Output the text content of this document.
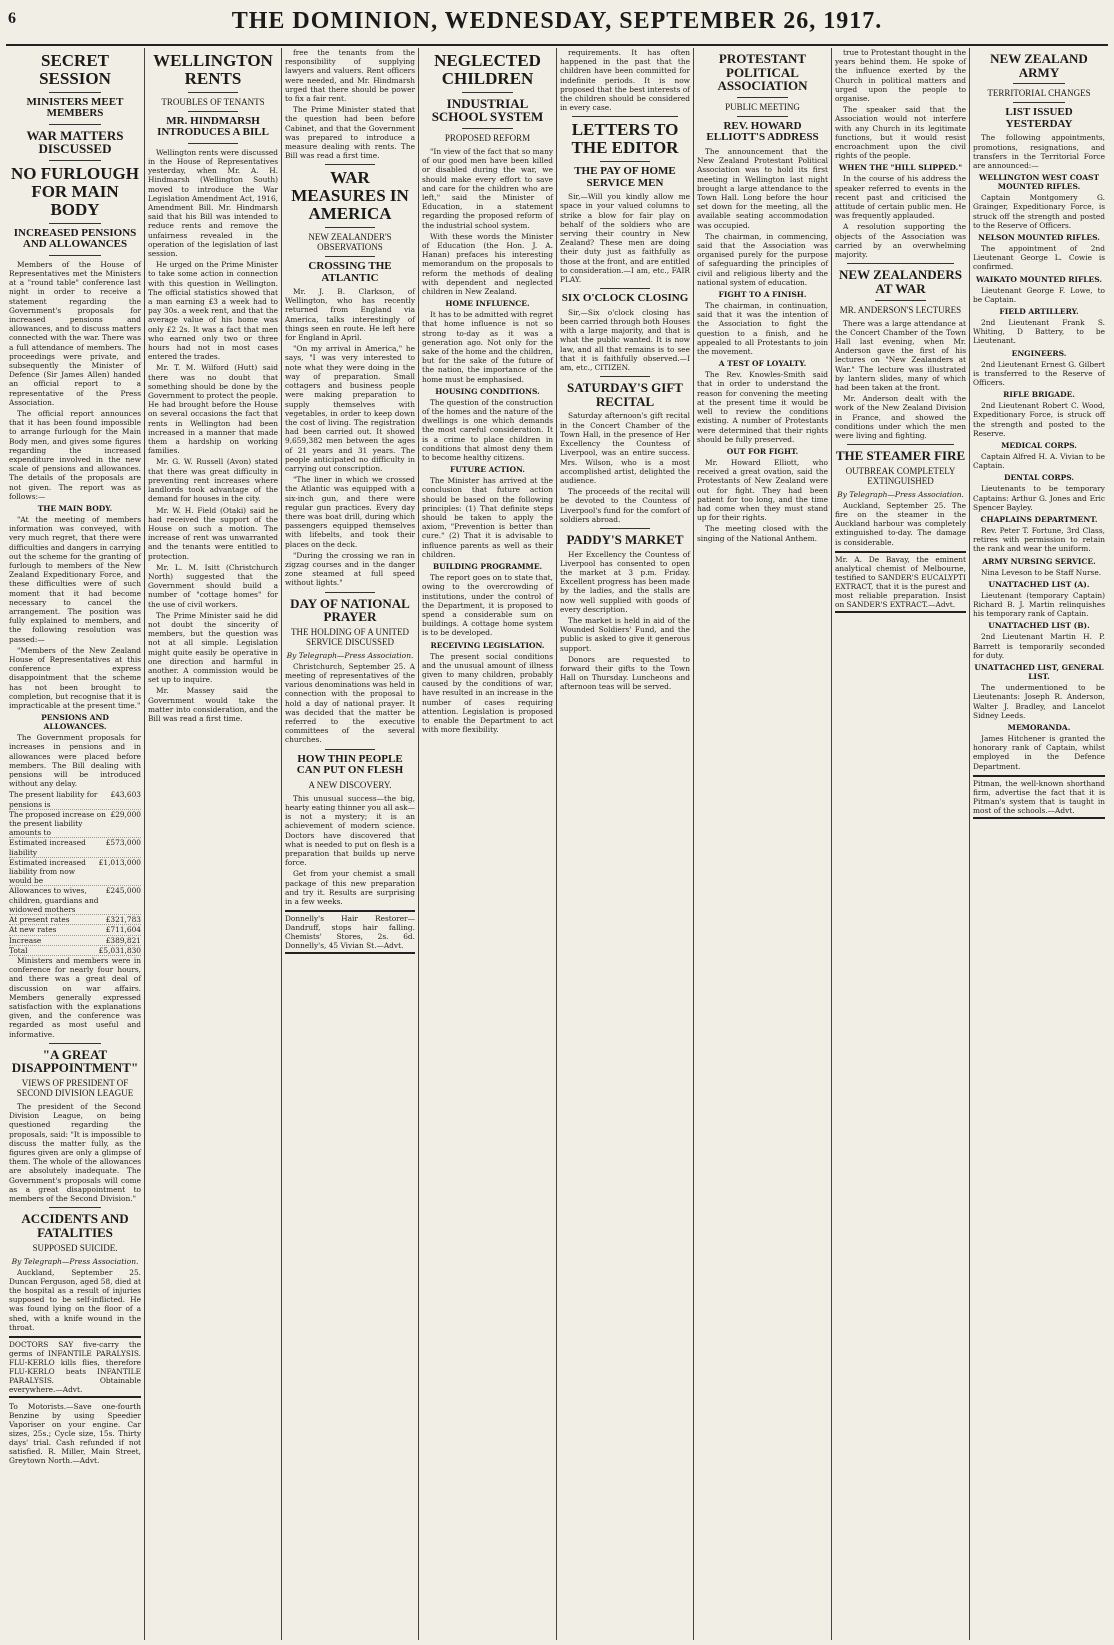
6	THE DOMINION, WEDNESDAY, SEPTEMBER 26, 1917.
SECRET SESSION
MINISTERS MEET MEMBERS
WAR MATTERS DISCUSSED
NO FURLOUGH FOR MAIN BODY
INCREASED PENSIONS AND ALLOWANCES

Members of the House of Representatives met the Ministers at a "round table" conference last night in order to receive a statement regarding the Government's proposals for increased pensions and allowances, and to discuss matters connected with the war. There was a full attendance of members. The proceedings were private, and subsequently the Minister of Defence (Sir James Allen) handed an official report to a representative of the Press Association.

The official report announces that it has been found impossible to arrange furlough for the Main Body men, and gives some figures regarding the increased expenditure involved in the new scale of pensions and allowances. The details of the proposals are not given. The report was as follows:—

THE MAIN BODY.

"At the meeting of members information was conveyed, with very much regret, that there were difficulties and dangers in carrying out the scheme for the granting of furlough to members of the New Zealand Expeditionary Force, and these difficulties were of such moment that it had become necessary to cancel the arrangement. The position was fully explained to members, and the following resolution was passed:—

"Members of the New Zealand House of Representatives at this conference express disappointment that the scheme has not been brought to completion, but recognise that it is impracticable at the present time."

PENSIONS AND ALLOWANCES.

The Government proposals for increases in pensions and in allowances were placed before members. The Bill dealing with pensions will be introduced without any delay.

The present liability for pensions is
£43,603
The proposed increase on the present liability amounts to
£29,000
Estimated increased liability
£573,000
Estimated increased liability from now would be
£1,013,000
Allowances to wives, children, guardians and widowed mothers
£245,000
At present rates	£321,783
At new rates	£711,604
Increase	£389,821
Total	£5,031,830

Ministers and members were in conference for nearly four hours, and there was a great deal of discussion on war affairs. Members generally expressed satisfaction with the explanations given, and the conference was regarded as most useful and informative.

"A GREAT DISAPPOINTMENT"
VIEWS OF PRESIDENT OF SECOND DIVISION LEAGUE

The president of the Second Division League, on being questioned regarding the proposals, said: "It is impossible to discuss the matter fully, as the figures given are only a glimpse of them. The whole of the allowances are absolutely inadequate. The Government's proposals will come as a great disappointment to members of the Second Division."

ACCIDENTS AND FATALITIES
SUPPOSED SUICIDE.
By Telegraph—Press Association.

Auckland, September 25. Duncan Ferguson, aged 58, died at the hospital as a result of injuries supposed to be self-inflicted. He was found lying on the floor of a shed, with a knife wound in the throat.

DOCTORS SAY five-carry the germs of INFANTILE PARALYSIS. FLU-KERLO kills flies, therefore FLU-KERLO beats INFANTILE PARALYSIS. Obtainable everywhere.—Advt.
To Motorists.—Save one-fourth Benzine by using Speedier Vaporiser on your engine. Car sizes, 25s.; Cycle size, 15s. Thirty days' trial. Cash refunded if not satisfied. R. Miller, Main Street, Greytown North.—Advt.
WELLINGTON RENTS
TROUBLES OF TENANTS
MR. HINDMARSH INTRODUCES A BILL

Wellington rents were discussed in the House of Representatives yesterday, when Mr. A. H. Hindmarsh (Wellington South) moved to introduce the War Legislation Amendment Act, 1916, Amendment Bill. Mr. Hindmarsh said that his Bill was intended to reduce rents and remove the unfairness revealed in the operation of the legislation of last session.

He urged on the Prime Minister to take some action in connection with this question in Wellington. The official statistics showed that a man earning £3 a week had to pay 30s. a week rent, and that the average value of his home was only £2 2s. It was a fact that men who earned only two or three hours had not in most cases entered the trades.

Mr. T. M. Wilford (Hutt) said there was no doubt that something should be done by the Government to protect the people. He had brought before the House on several occasions the fact that rents in Wellington had been increased in a manner that made them a hardship on working families.

Mr. G. W. Russell (Avon) stated that there was great difficulty in preventing rent increases where landlords took advantage of the demand for houses in the city.

Mr. W. H. Field (Otaki) said he had received the support of the House on such a motion. The increase of rent was unwarranted and the tenants were entitled to protection.

Mr. L. M. Isitt (Christchurch North) suggested that the Government should build a number of "cottage homes" for the use of civil workers.

The Prime Minister said he did not doubt the sincerity of members, but the question was not at all simple. Legislation might quite easily be operative in one direction and harmful in another. A commission would be set up to inquire.

Mr. Massey said the Government would take the matter into consideration, and the Bill was read a first time.

free the tenants from the responsibility of supplying lawyers and valuers. Rent officers were needed, and Mr. Hindmarsh urged that there should be power to fix a fair rent.

The Prime Minister stated that the question had been before Cabinet, and that the Government was prepared to introduce a measure dealing with rents. The Bill was read a first time.

WAR MEASURES IN AMERICA
NEW ZEALANDER'S OBSERVATIONS
CROSSING THE ATLANTIC

Mr. J. B. Clarkson, of Wellington, who has recently returned from England via America, talks interestingly of things seen en route. He left here for England in April.

"On my arrival in America," he says, "I was very interested to note what they were doing in the way of preparation. Small cottagers and business people were making preparation to supply themselves with vegetables, in order to keep down the cost of living. The registration had been carried out. It showed 9,659,382 men between the ages of 21 years and 31 years. The people anticipated no difficulty in carrying out conscription.

"The liner in which we crossed the Atlantic was equipped with a six-inch gun, and there were regular gun practices. Every day there was boat drill, during which passengers equipped themselves with lifebelts, and took their places on the deck.

"During the crossing we ran in zigzag courses and in the danger zone steamed at full speed without lights."

DAY OF NATIONAL PRAYER
THE HOLDING OF A UNITED SERVICE DISCUSSED
By Telegraph—Press Association.

Christchurch, September 25. A meeting of representatives of the various denominations was held in connection with the proposal to hold a day of national prayer. It was decided that the matter be referred to the executive committees of the several churches.

HOW THIN PEOPLE CAN PUT ON FLESH
A NEW DISCOVERY.

This unusual success—the big, hearty eating thinner you all ask—is not a mystery; it is an achievement of modern science. Doctors have discovered that what is needed to put on flesh is a preparation that builds up nerve force.

Get from your chemist a small package of this new preparation and try it. Results are surprising in a few weeks.

Donnelly's Hair Restorer—Dandruff, stops hair falling. Chemists' Stores, 2s. 6d. Donnelly's, 45 Vivian St.—Advt.
NEGLECTED CHILDREN
INDUSTRIAL SCHOOL SYSTEM
PROPOSED REFORM

"In view of the fact that so many of our good men have been killed or disabled during the war, we should make every effort to save and care for the children who are left," said the Minister of Education, in a statement regarding the proposed reform of the industrial school system.

With these words the Minister of Education (the Hon. J. A. Hanan) prefaces his interesting memorandum on the proposals to reform the methods of dealing with dependent and neglected children in New Zealand.

HOME INFLUENCE.

It has to be admitted with regret that home influence is not so strong to-day as it was a generation ago. Not only for the sake of the home and the children, but for the sake of the future of the nation, the importance of the home must be emphasised.

HOUSING CONDITIONS.

The question of the construction of the homes and the nature of the dwellings is one which demands the most careful consideration. It is a crime to place children in conditions that almost deny them to become healthy citizens.

FUTURE ACTION.

The Minister has arrived at the conclusion that future action should be based on the following principles: (1) That definite steps should be taken to apply the axiom, "Prevention is better than cure." (2) That it is advisable to influence parents as well as their children.

BUILDING PROGRAMME.

The report goes on to state that, owing to the overcrowding of institutions, under the control of the Department, it is proposed to spend a considerable sum on buildings. A cottage home system is to be developed.

RECEIVING LEGISLATION.

The present social conditions and the unusual amount of illness given to many children, probably caused by the conditions of war, have resulted in an increase in the number of cases requiring attention. Legislation is proposed to enable the Department to act with more flexibility.

requirements. It has often happened in the past that the children have been committed for indefinite periods. It is now proposed that the best interests of the children should be considered in every case.

LETTERS TO THE EDITOR
THE PAY OF HOME SERVICE MEN

Sir,—Will you kindly allow me space in your valued columns to strike a blow for fair play on behalf of the soldiers who are serving their country in New Zealand? These men are doing their duty just as faithfully as those at the front, and are entitled to consideration.—I am, etc., FAIR PLAY.

SIX O'CLOCK CLOSING

Sir,—Six o'clock closing has been carried through both Houses with a large majority, and that is what the public wanted. It is now law, and all that remains is to see that it is faithfully observed.—I am, etc., CITIZEN.

SATURDAY'S GIFT RECITAL

Saturday afternoon's gift recital in the Concert Chamber of the Town Hall, in the presence of Her Excellency the Countess of Liverpool, was an entire success. Mrs. Wilson, who is a most accomplished artist, delighted the audience.

The proceeds of the recital will be devoted to the Countess of Liverpool's fund for the comfort of soldiers abroad.

PADDY'S MARKET

Her Excellency the Countess of Liverpool has consented to open the market at 3 p.m. Friday. Excellent progress has been made by the ladies, and the stalls are now well supplied with goods of every description.

The market is held in aid of the Wounded Soldiers' Fund, and the public is asked to give it generous support.

Donors are requested to forward their gifts to the Town Hall on Thursday. Luncheons and afternoon teas will be served.

PROTESTANT POLITICAL ASSOCIATION
PUBLIC MEETING
REV. HOWARD ELLIOTT'S ADDRESS

The announcement that the New Zealand Protestant Political Association was to hold its first meeting in Wellington last night brought a large attendance to the Town Hall. Long before the hour set down for the meeting, all the available seating accommodation was occupied.

The chairman, in commencing, said that the Association was organised purely for the purpose of safeguarding the principles of civil and religious liberty and the national system of education.

FIGHT TO A FINISH.

The chairman, in continuation, said that it was the intention of the Association to fight the question to a finish, and he appealed to all Protestants to join the movement.

A TEST OF LOYALTY.

The Rev. Knowles-Smith said that in order to understand the reason for convening the meeting at the present time it would be well to review the conditions existing. A number of Protestants were determined that their rights should be fully preserved.

OUT FOR FIGHT.

Mr. Howard Elliott, who received a great ovation, said the Protestants of New Zealand were out for fight. They had been patient for too long, and the time had come when they must stand up for their rights.

The meeting closed with the singing of the National Anthem.

true to Protestant thought in the years behind them. He spoke of the influence exerted by the Church in political matters and urged upon the people to organise.

The speaker said that the Association would not interfere with any Church in its legitimate functions, but it would resist encroachment upon the civil rights of the people.

WHEN THE "HILL SLIPPED."

In the course of his address the speaker referred to events in the recent past and criticised the attitude of certain public men. He was frequently applauded.

A resolution supporting the objects of the Association was carried by an overwhelming majority.

NEW ZEALANDERS AT WAR
MR. ANDERSON'S LECTURES

There was a large attendance at the Concert Chamber of the Town Hall last evening, when Mr. Anderson gave the first of his lectures on "New Zealanders at War." The lecture was illustrated by lantern slides, many of which had been taken at the front.

Mr. Anderson dealt with the work of the New Zealand Division in France, and showed the conditions under which the men were living and fighting.

THE STEAMER FIRE
OUTBREAK COMPLETELY EXTINGUISHED
By Telegraph—Press Association.

Auckland, September 25. The fire on the steamer in the Auckland harbour was completely extinguished to-day. The damage is considerable.

Mr. A. De Bavay, the eminent analytical chemist of Melbourne, testified to SANDER'S EUCALYPTI EXTRACT, that it is the purest and most reliable preparation. Insist on SANDER'S EXTRACT.—Advt.
NEW ZEALAND ARMY
TERRITORIAL CHANGES
LIST ISSUED YESTERDAY

The following appointments, promotions, resignations, and transfers in the Territorial Force are announced:—

WELLINGTON WEST COAST MOUNTED RIFLES.

Captain Montgomery G. Grainger, Expeditionary Force, is struck off the strength and posted to the Reserve of Officers.

NELSON MOUNTED RIFLES.

The appointment of 2nd Lieutenant George L. Cowie is confirmed.

WAIKATO MOUNTED RIFLES.

Lieutenant George F. Lowe, to be Captain.

FIELD ARTILLERY.

2nd Lieutenant Frank S. Whiting, D Battery, to be Lieutenant.

ENGINEERS.

2nd Lieutenant Ernest G. Gilbert is transferred to the Reserve of Officers.

RIFLE BRIGADE.

2nd Lieutenant Robert C. Wood, Expeditionary Force, is struck off the strength and posted to the Reserve.

MEDICAL CORPS.

Captain Alfred H. A. Vivian to be Captain.

DENTAL CORPS.

Lieutenants to be temporary Captains: Arthur G. Jones and Eric Spencer Bayley.

CHAPLAINS DEPARTMENT.

Rev. Peter T. Fortune, 3rd Class, retires with permission to retain the rank and wear the uniform.

ARMY NURSING SERVICE.

Nina Leveson to be Staff Nurse.

UNATTACHED LIST (A).

Lieutenant (temporary Captain) Richard B. J. Martin relinquishes his temporary rank of Captain.

UNATTACHED LIST (B).

2nd Lieutenant Martin H. P. Barrett is temporarily seconded for duty.

UNATTACHED LIST, GENERAL LIST.

The undermentioned to be Lieutenants: Joseph R. Anderson, Walter J. Bradley, and Lancelot Sidney Leeds.

MEMORANDA.

James Hitchener is granted the honorary rank of Captain, whilst employed in the Defence Department.

Pitman, the well-known shorthand firm, advertise the fact that it is Pitman's system that is taught in most of the schools.—Advt.
